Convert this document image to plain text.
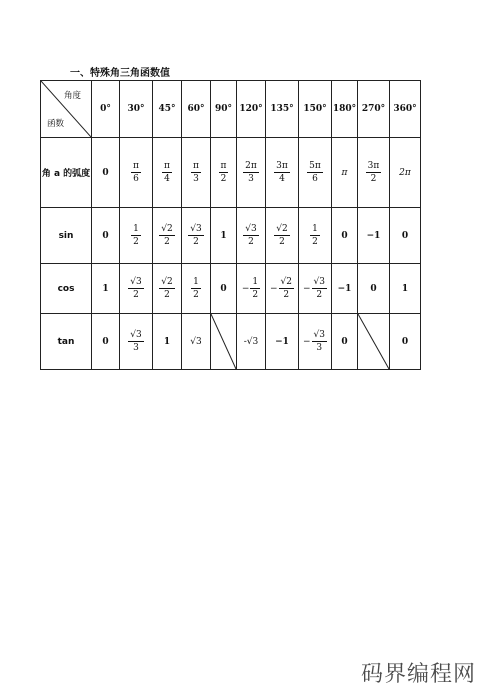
一、特殊角三角函数值
角度
函数	0°	30°	45°	60°	90°	120°	135°	150°	180°	270°	360°
角 a 的弧度	0	$\frac{\pi}{6}$	$\frac{\pi}{4}$	$\frac{\pi}{3}$	$\frac{\pi}{2}$	$\frac{2\pi}{3}$	$\frac{3\pi}{4}$	$\frac{5\pi}{6}$	π	$\frac{3\pi}{2}$	2π
sin	0	$\frac{1}{2}$	$\frac{√2}{2}$	$\frac{√3}{2}$	1	$\frac{√3}{2}$	$\frac{√2}{2}$	$\frac{1}{2}$	0	−1	0
cos	1	$\frac{√3}{2}$	$\frac{√2}{2}$	$\frac{1}{2}$	0	− $\frac{1}{2}$	− $\frac{√2}{2}$	− $\frac{√3}{2}$	−1	0	1
tan	0	$\frac{√3}{3}$	1	√3		-√3	−1	− $\frac{√3}{3}$	0		0
码界编程网
